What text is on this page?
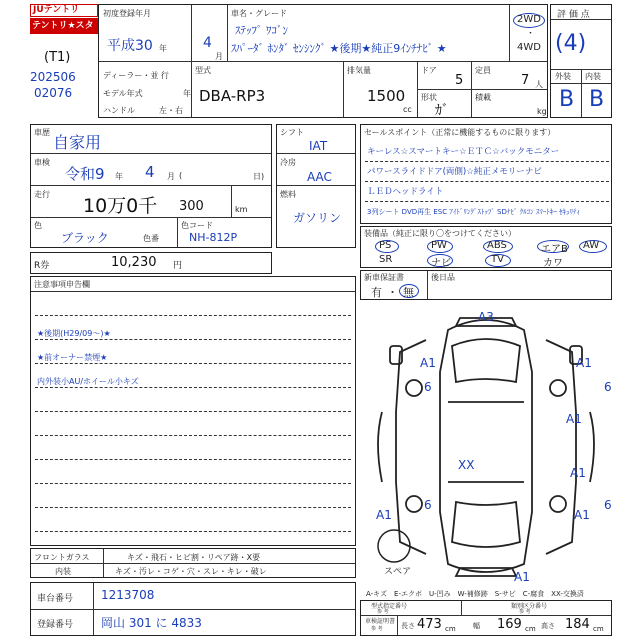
JUテントリ
テントリ★スター
(T1)
202506
02076
初度登録年月
平成30 年	4
月
車名・グレード
ｽﾃｯﾌﾟ ﾜｺﾞﾝ
ｽﾊﾟｰﾀﾞ ﾎﾝﾀﾞ ｾﾝｼﾝｸﾞ ★後期★純正9ｲﾝﾁﾅﾋﾞ ★
2WD
・
4WD
ディーラー・並 行
モデル年式	年
ハンドル	左・右
型式
DBA-RP3
排気量
1500
cc
ドア
5
定員
7 人
形状
ｶﾞ
積載
kg
評 価 点
(4)
外装 内装
B B
車歴
自家用
車検
令和9 年 4 月 (	日)
走行
10万0千 300	km
色
ブラック	色番
色コード
NH-812P
シフト
IAT
冷房
AAC
燃料
ガソリン
セールスポイント（正常に機能するものに限ります）
キーレス☆スマートキー☆ＥＴＣ☆バックモニター
パワースライドドア(両側)☆純正メモリーナビ
ＬＥＤヘッドライト
3列シート DVD再生 ESC ｱｲﾄﾞﾘﾝｸﾞｽﾄｯﾌﾟ SDﾅﾋﾞ ｸﾙｺﾝ ｽﾏｰﾄｷｰ ｾｷｭﾘﾃｨ
装備品（純正に限り〇をつけてください）
PS	PW	ABS	エアB AW
SR	ナビ	TV	カワ
R券	10,230 円
新車保証書
有 ・ 無
後日品
注意事項申告欄
★後期(H29/09～)★
★前オーナー禁煙★
内外装小AU/ホイール小キズ
A3
A1	A1
6	6
A1
XX
A1
6	6
A1	A1
A1
スペア
フロントガラス	キズ・飛石・ヒビ割・リペア跡・X要
内装	キズ・汚レ・コゲ・穴・スレ・キレ・破レ
車台番号 1213708
登録番号 岡山 301 に 4833
A-キズ　E-エクボ　U-凹み　W-補修跡　S-サビ　C-腐食　XX-交換済
型式指定番号
参 考
類別区分番号
参 考
車検証明書
参 考	長さ 473 cm 幅 169 cm 高さ 184 cm
